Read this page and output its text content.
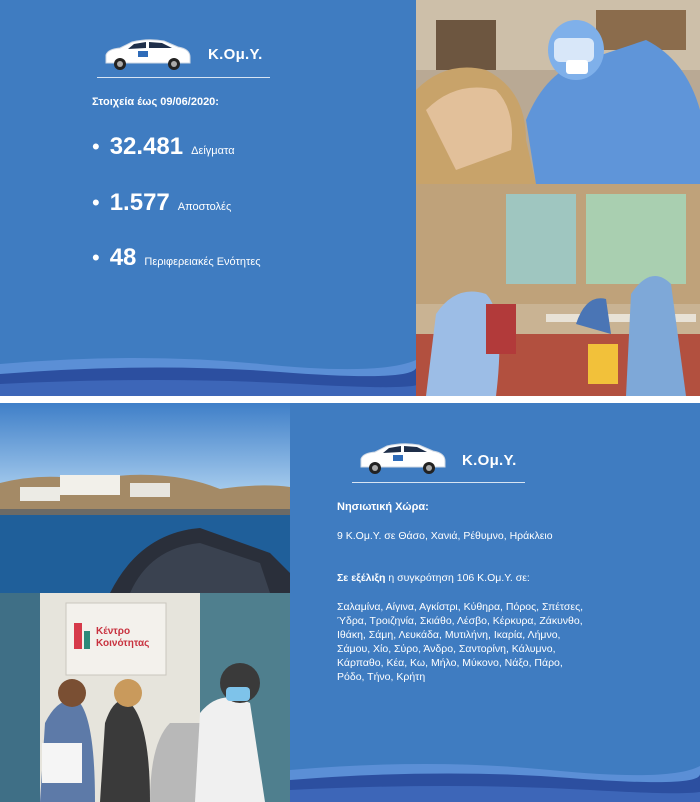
Κ.Ομ.Υ.
Στοιχεία έως 09/06/2020:
• 32.481 Δείγματα
• 1.577 Αποστολές
• 48 Περιφερειακές Ενότητες
Κέντρο
Κοινότητας
Κ.Ομ.Υ.
Νησιωτική Χώρα:
9 Κ.Ομ.Υ. σε Θάσο, Χανιά, Ρέθυμνο, Ηράκλειο
Σε εξέλιξη η συγκρότηση 106 Κ.Ομ.Υ. σε:
Σαλαμίνα, Αίγινα, Αγκίστρι, Κύθηρα, Πόρος, Σπέτσες,
Ύδρα, Τροιζηνία, Σκιάθο, Λέσβο, Κέρκυρα, Ζάκυνθο,
Ιθάκη, Σάμη, Λευκάδα, Μυτιλήνη, Ικαρία, Λήμνο,
Σάμου, Χίο, Σύρο, Άνδρο, Σαντορίνη, Κάλυμνο,
Κάρπαθο, Κέα, Κω, Μήλο, Μύκονο, Νάξο, Πάρο,
Ρόδο, Τήνο, Κρήτη
